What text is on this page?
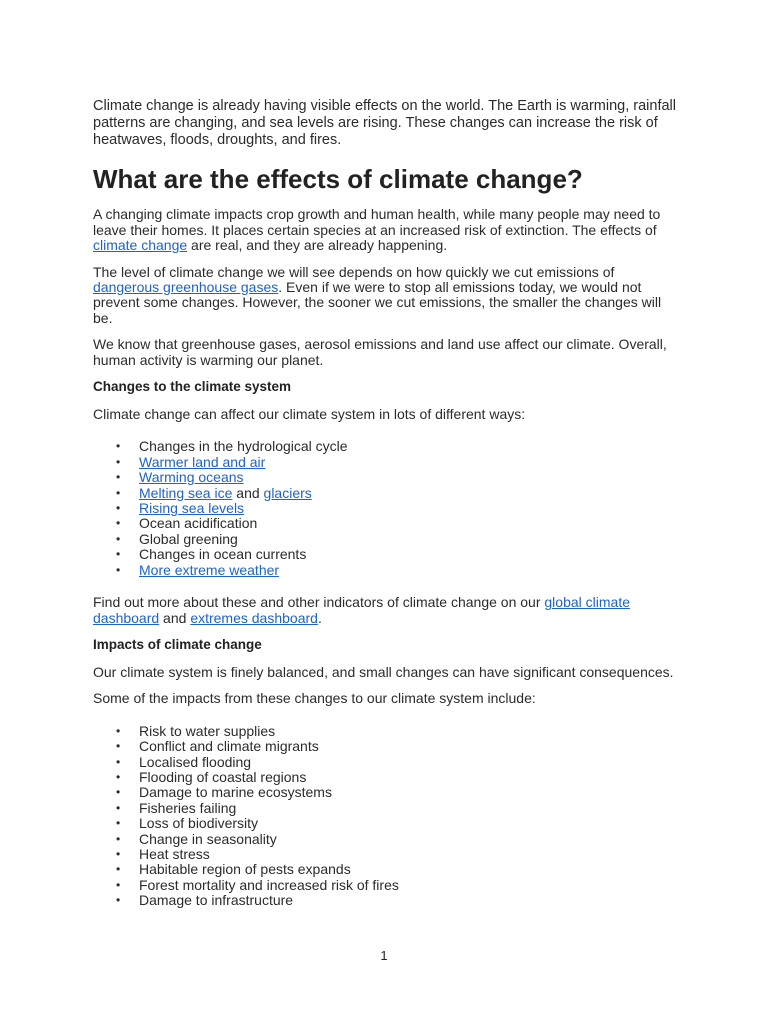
Climate change is already having visible effects on the world. The Earth is warming, rainfall patterns are changing, and sea levels are rising. These changes can increase the risk of heatwaves, floods, droughts, and fires.

What are the effects of climate change?

A changing climate impacts crop growth and human health, while many people may need to leave their homes. It places certain species at an increased risk of extinction. The effects of climate change are real, and they are already happening.

The level of climate change we will see depends on how quickly we cut emissions of dangerous greenhouse gases. Even if we were to stop all emissions today, we would not prevent some changes. However, the sooner we cut emissions, the smaller the changes will be.

We know that greenhouse gases, aerosol emissions and land use affect our climate. Overall, human activity is warming our planet.

Changes to the climate system

Climate change can affect our climate system in lots of different ways:

• Changes in the hydrological cycle
• Warmer land and air
• Warming oceans
• Melting sea ice and glaciers
• Rising sea levels
• Ocean acidification
• Global greening
• Changes in ocean currents
• More extreme weather

Find out more about these and other indicators of climate change on our global climate dashboard and extremes dashboard.

Impacts of climate change

Our climate system is finely balanced, and small changes can have significant consequences.

Some of the impacts from these changes to our climate system include:

• Risk to water supplies
• Conflict and climate migrants
• Localised flooding
• Flooding of coastal regions
• Damage to marine ecosystems
• Fisheries failing
• Loss of biodiversity
• Change in seasonality
• Heat stress
• Habitable region of pests expands
• Forest mortality and increased risk of fires
• Damage to infrastructure
1
